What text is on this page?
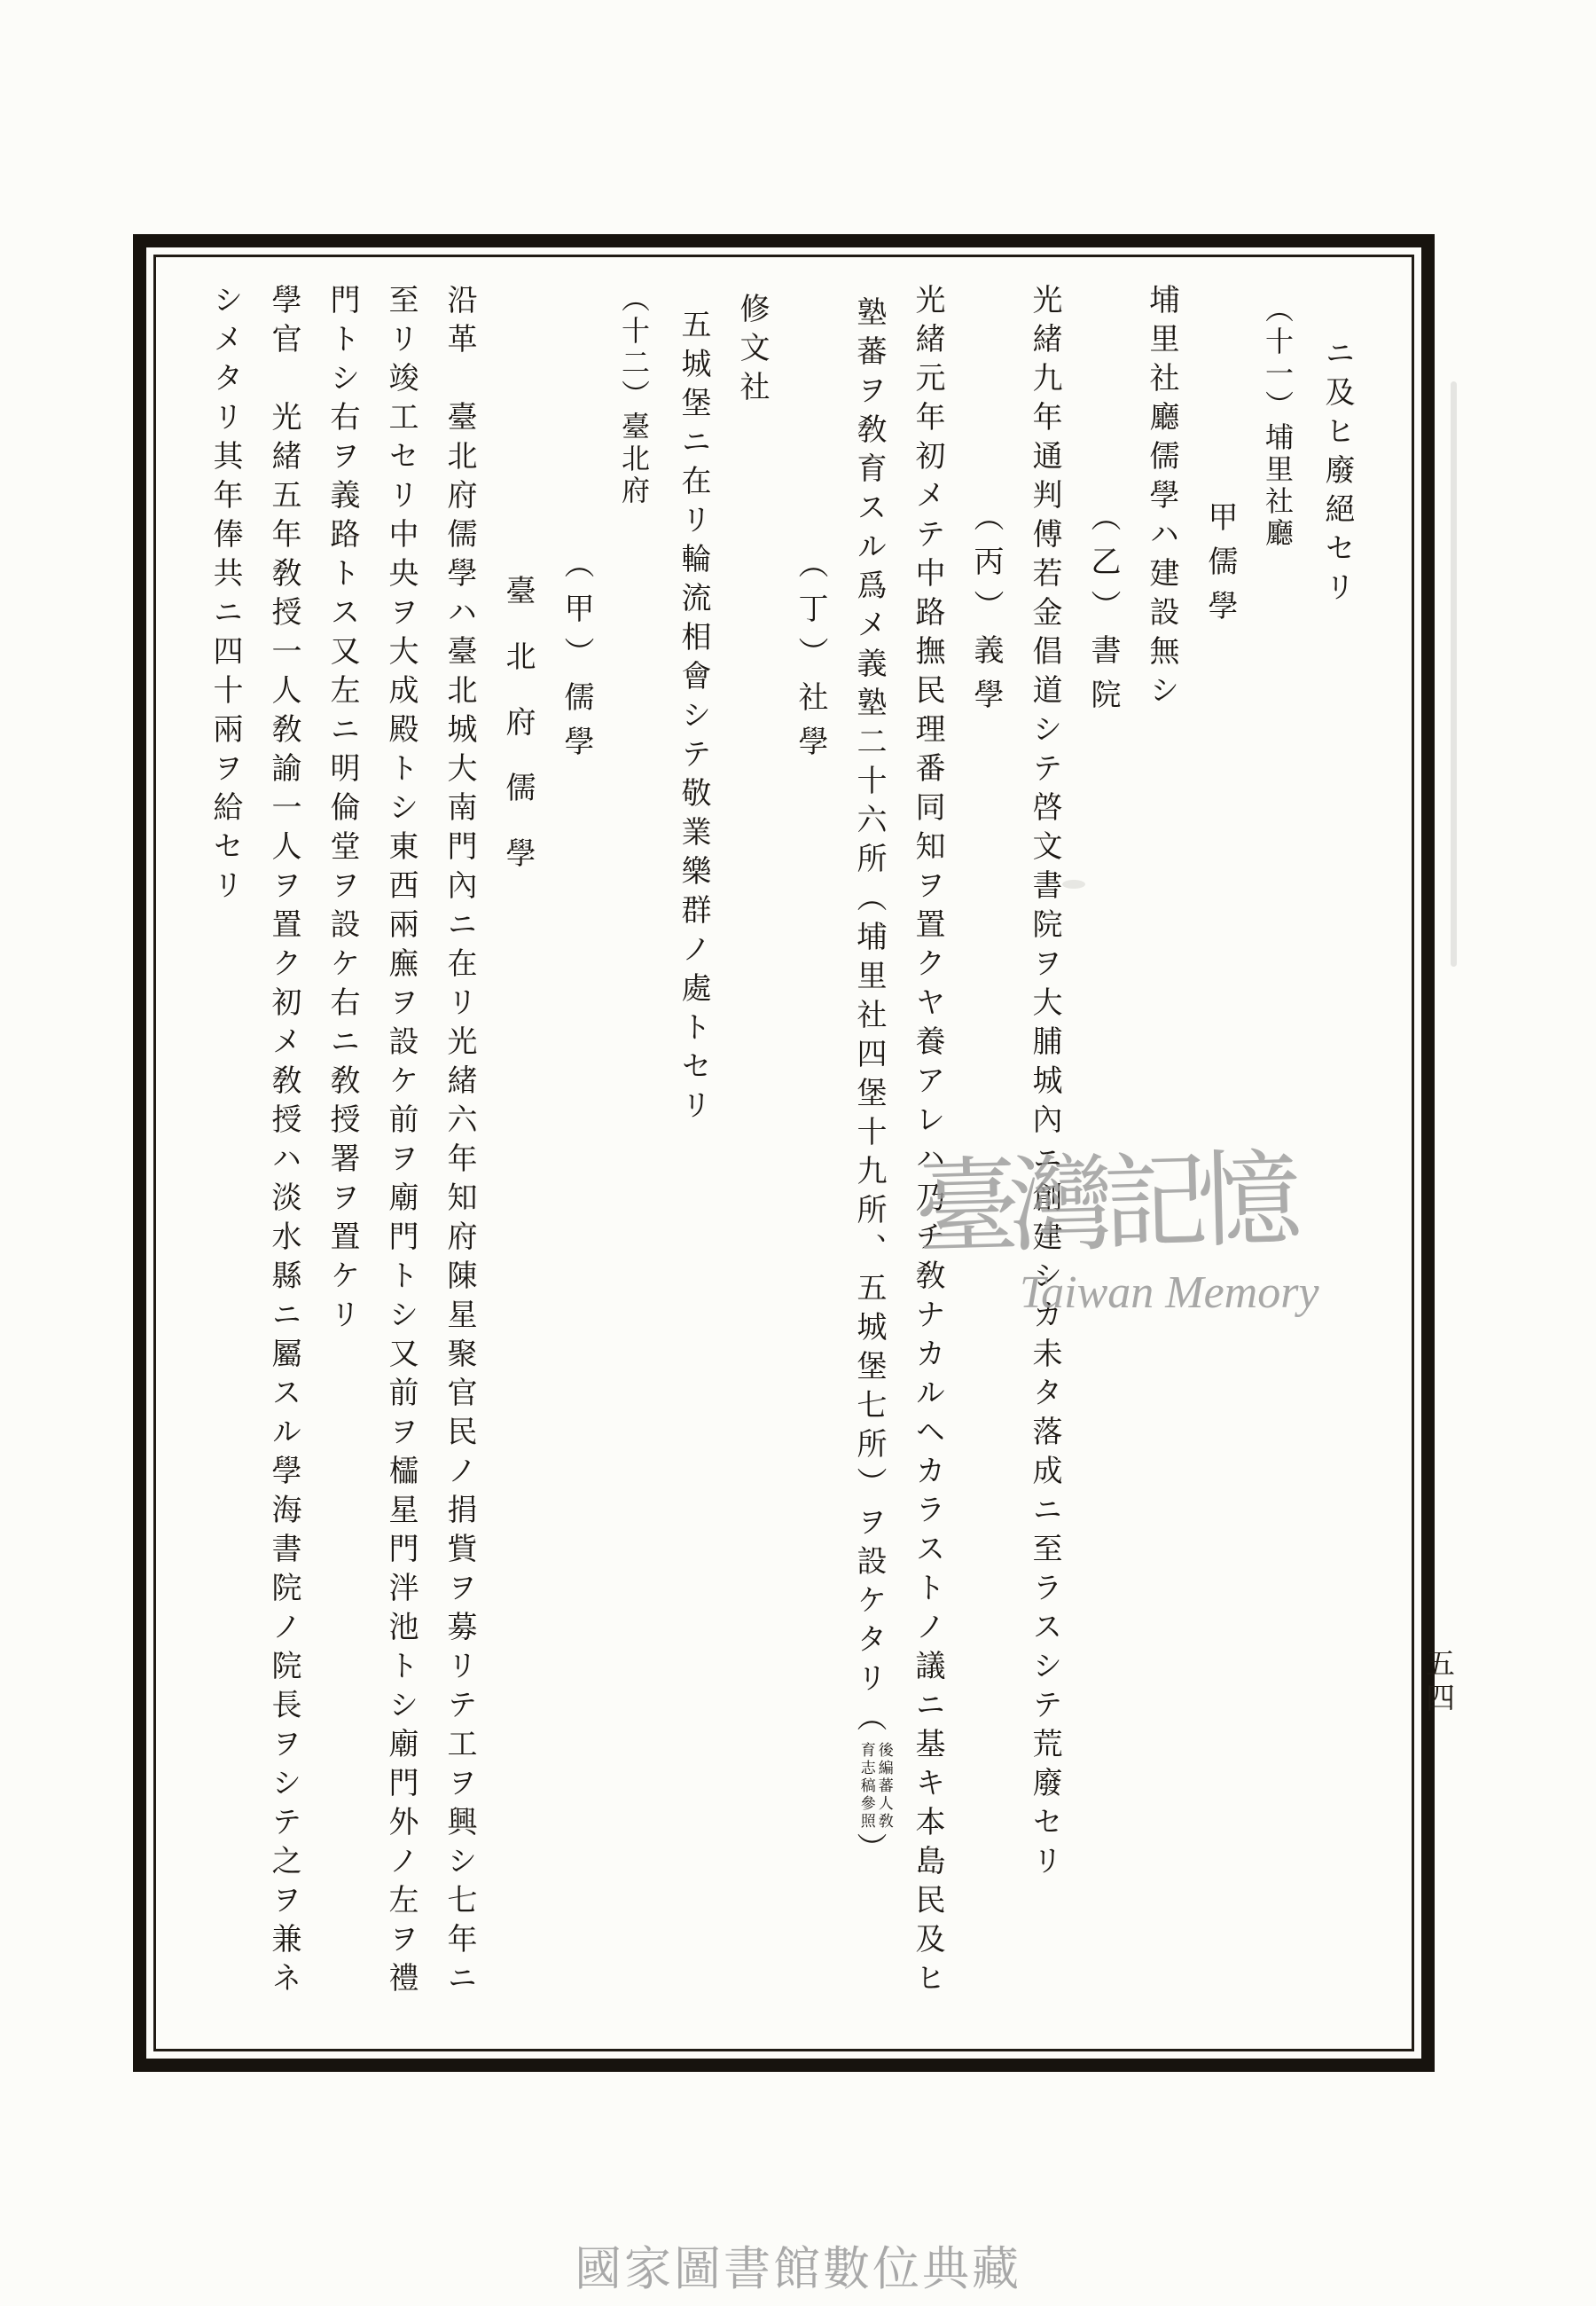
ニ及ヒ廢絕セリ

（十一）埔里社廳

甲儒學

埔里社廳儒學ハ建設無シ

（乙）書院

光緒九年通判傅若金倡道シテ啓文書院ヲ大脯城內ニ創建シカ未タ落成ニ至ラスシテ荒廢セリ

（丙）義學

光緒元年初メテ中路撫民理番同知ヲ置クヤ養アレハ乃チ敎ナカルヘカラストノ議ニ基キ本島民及ヒ

塾蕃ヲ敎育スル爲メ義塾二十六所（埔里社四堡十九所、五城堡七所）ヲ設ケタリ（
後編蕃人敎
育志稿參照
）

（丁）社學

修文社

五城堡ニ在リ輪流相會シテ敬業樂群ノ處トセリ

（十二）臺北府

（甲）儒學

臺北府儒學

沿革　臺北府儒學ハ臺北城大南門內ニ在リ光緒六年知府陳星聚官民ノ捐貲ヲ募リテ工ヲ興シ七年ニ

至リ竣工セリ中央ヲ大成殿トシ東西兩廡ヲ設ケ前ヲ廟門トシ又前ヲ櫺星門泮池トシ廟門外ノ左ヲ禮

門トシ右ヲ義路トス又左ニ明倫堂ヲ設ケ右ニ敎授署ヲ置ケリ

學官　光緒五年敎授一人敎諭一人ヲ置ク初メ敎授ハ淡水縣ニ屬スル學海書院ノ院長ヲシテ之ヲ兼ネ

シメタリ其年俸共ニ四十兩ヲ給セリ

五四
臺灣記憶
Taiwan Memory
國家圖書館數位典藏
